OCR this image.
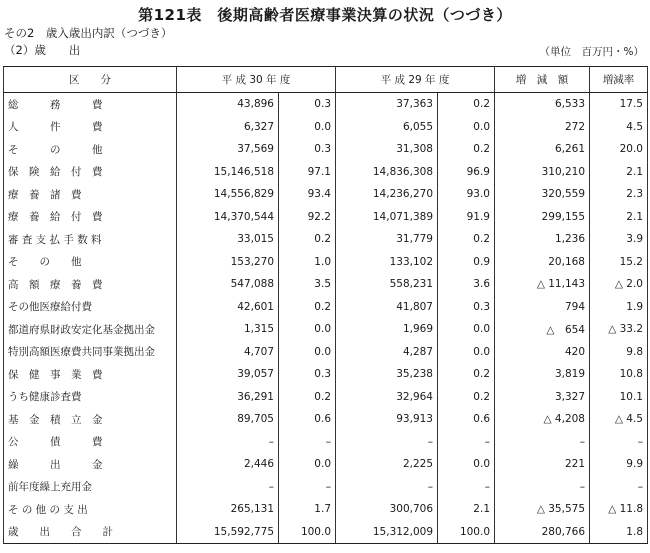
第121表　後期高齢者医療事業決算の状況（つづき）
その2　歳入歳出内訳（つづき）
（2）歳　　出	（単位　百万円・%）
区　　分	平 成 30 年 度		平 成 29 年 度		増　減　額	増減率
総　　　務　　　費	43,896	0.3	37,363	0.2	6,533	17.5
人　　　件　　　費	6,327	0.0	6,055	0.0	272	4.5
そ　　　の　　　他	37,569	0.3	31,308	0.2	6,261	20.0
保　険　給　付　費	15,146,518	97.1	14,836,308	96.9	310,210	2.1
療　養　諸　費	14,556,829	93.4	14,236,270	93.0	320,559	2.3
療　養　給　付　費	14,370,544	92.2	14,071,389	91.9	299,155	2.1
審 査 支 払 手 数 料	33,015	0.2	31,779	0.2	1,236	3.9
そ　　の　　他	153,270	1.0	133,102	0.9	20,168	15.2
高　額　療　養　費	547,088	3.5	558,231	3.6	△ 11,143	△ 2.0
その他医療給付費	42,601	0.2	41,807	0.3	794	1.9
都道府県財政安定化基金拠出金	1,315	0.0	1,969	0.0	△　654	△ 33.2
特別高額医療費共同事業拠出金	4,707	0.0	4,287	0.0	420	9.8
保　健　事　業　費	39,057	0.3	35,238	0.2	3,819	10.8
うち健康診査費	36,291	0.2	32,964	0.2	3,327	10.1
基　金　積　立　金	89,705	0.6	93,913	0.6	△ 4,208	△ 4.5
公　　　債　　　費	–	–	–	–	–	–
繰　　　出　　　金	2,446	0.0	2,225	0.0	221	9.9
前年度繰上充用金	–	–	–	–	–	–
そ の 他 の 支 出	265,131	1.7	300,706	2.1	△ 35,575	△ 11.8
歳　　出　　合　　計	15,592,775	100.0	15,312,009	100.0	280,766	1.8
